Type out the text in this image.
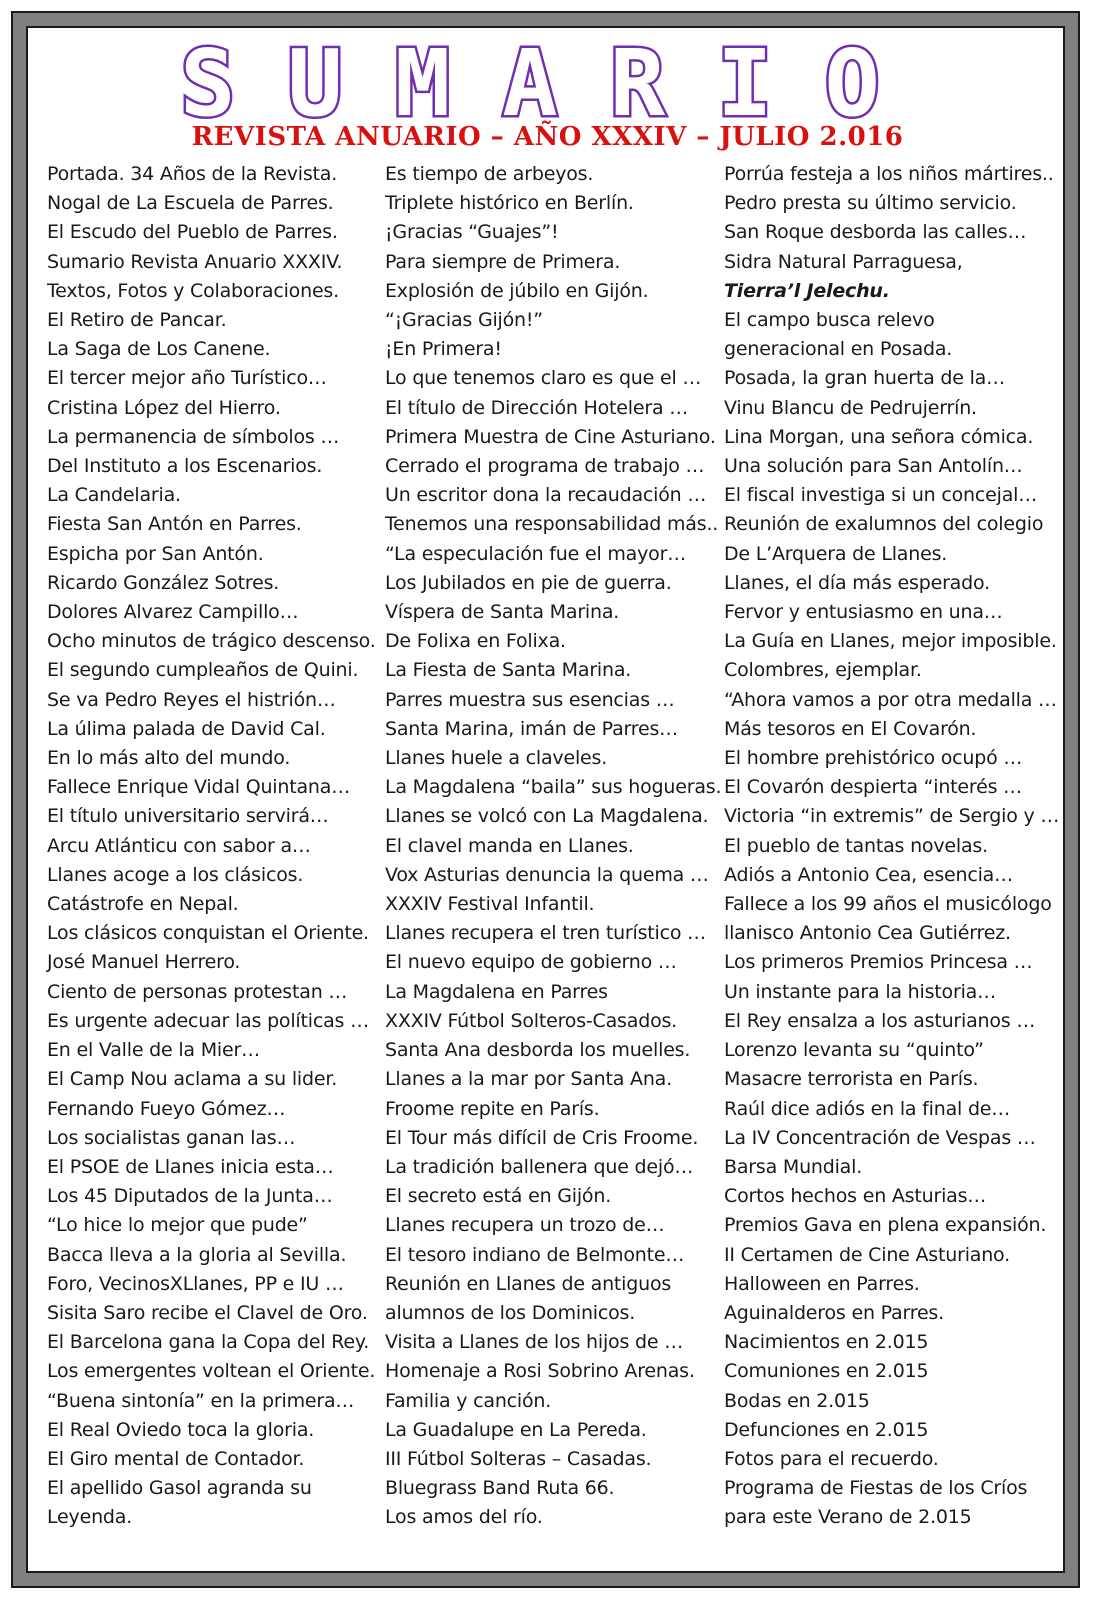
S U M A R I O
REVISTA ANUARIO – AÑO XXXIV – JULIO 2.016
Portada. 34 Años de la Revista.
Nogal de La Escuela de Parres.
El Escudo del Pueblo de Parres.
Sumario Revista Anuario XXXIV.
Textos, Fotos y Colaboraciones.
El Retiro de Pancar.
La Saga de Los Canene.
El tercer mejor año Turístico…
Cristina López del Hierro.
La permanencia de símbolos …
Del Instituto a los Escenarios.
La Candelaria.
Fiesta San Antón en Parres.
Espicha por San Antón.
Ricardo González Sotres.
Dolores Alvarez Campillo…
Ocho minutos de trágico descenso.
El segundo cumpleaños de Quini.
Se va Pedro Reyes el histrión…
La úlima palada de David Cal.
En lo más alto del mundo.
Fallece Enrique Vidal Quintana…
El título universitario servirá…
Arcu Atlánticu con sabor a…
Llanes acoge a los clásicos.
Catástrofe en Nepal.
Los clásicos conquistan el Oriente.
José Manuel Herrero.
Ciento de personas protestan …
Es urgente adecuar las políticas …
En el Valle de la Mier…
El Camp Nou aclama a su lider.
Fernando Fueyo Gómez…
Los socialistas ganan las…
El PSOE de Llanes inicia esta…
Los 45 Diputados de la Junta…
“Lo hice lo mejor que pude”
Bacca lleva a la gloria al Sevilla.
Foro, VecinosXLlanes, PP e IU …
Sisita Saro recibe el Clavel de Oro.
El Barcelona gana la Copa del Rey.
Los emergentes voltean el Oriente.
“Buena sintonía” en la primera…
El Real Oviedo toca la gloria.
El Giro mental de Contador.
El apellido Gasol agranda su
Leyenda.
Es tiempo de arbeyos.
Triplete histórico en Berlín.
¡Gracias “Guajes”!
Para siempre de Primera.
Explosión de júbilo en Gijón.
“¡Gracias Gijón!”
¡En Primera!
Lo que tenemos claro es que el …
El título de Dirección Hotelera …
Primera Muestra de Cine Asturiano.
Cerrado el programa de trabajo …
Un escritor dona la recaudación …
Tenemos una responsabilidad más..
“La especulación fue el mayor…
Los Jubilados en pie de guerra.
Víspera de Santa Marina.
De Folixa en Folixa.
La Fiesta de Santa Marina.
Parres muestra sus esencias …
Santa Marina, imán de Parres…
Llanes huele a claveles.
La Magdalena “baila” sus hogueras.
Llanes se volcó con La Magdalena.
El clavel manda en Llanes.
Vox Asturias denuncia la quema …
XXXIV Festival Infantil.
Llanes recupera el tren turístico …
El nuevo equipo de gobierno …
La Magdalena en Parres
XXXIV Fútbol Solteros-Casados.
Santa Ana desborda los muelles.
Llanes a la mar por Santa Ana.
Froome repite en París.
El Tour más difícil de Cris Froome.
La tradición ballenera que dejó…
El secreto está en Gijón.
Llanes recupera un trozo de…
El tesoro indiano de Belmonte…
Reunión en Llanes de antiguos
alumnos de los Dominicos.
Visita a Llanes de los hijos de …
Homenaje a Rosi Sobrino Arenas.
Familia y canción.
La Guadalupe en La Pereda.
III Fútbol Solteras – Casadas.
Bluegrass Band Ruta 66.
Los amos del río.
Porrúa festeja a los niños mártires..
Pedro presta su último servicio.
San Roque desborda las calles…
Sidra Natural Parraguesa,
Tierra’l Jelechu.
El campo busca relevo
generacional en Posada.
Posada, la gran huerta de la…
Vinu Blancu de Pedrujerrín.
Lina Morgan, una señora cómica.
Una solución para San Antolín…
El fiscal investiga si un concejal…
Reunión de exalumnos del colegio
De L’Arquera de Llanes.
Llanes, el día más esperado.
Fervor y entusiasmo en una…
La Guía en Llanes, mejor imposible.
Colombres, ejemplar.
“Ahora vamos a por otra medalla …
Más tesoros en El Covarón.
El hombre prehistórico ocupó …
El Covarón despierta “interés …
Victoria “in extremis” de Sergio y …
El pueblo de tantas novelas.
Adiós a Antonio Cea, esencia…
Fallece a los 99 años el musicólogo
llanisco Antonio Cea Gutiérrez.
Los primeros Premios Princesa …
Un instante para la historia…
El Rey ensalza a los asturianos …
Lorenzo levanta su “quinto”
Masacre terrorista en París.
Raúl dice adiós en la final de…
La IV Concentración de Vespas …
Barsa Mundial.
Cortos hechos en Asturias…
Premios Gava en plena expansión.
II Certamen de Cine Asturiano.
Halloween en Parres.
Aguinalderos en Parres.
Nacimientos en 2.015
Comuniones en 2.015
Bodas en 2.015
Defunciones en 2.015
Fotos para el recuerdo.
Programa de Fiestas de los Críos
para este Verano de 2.015
